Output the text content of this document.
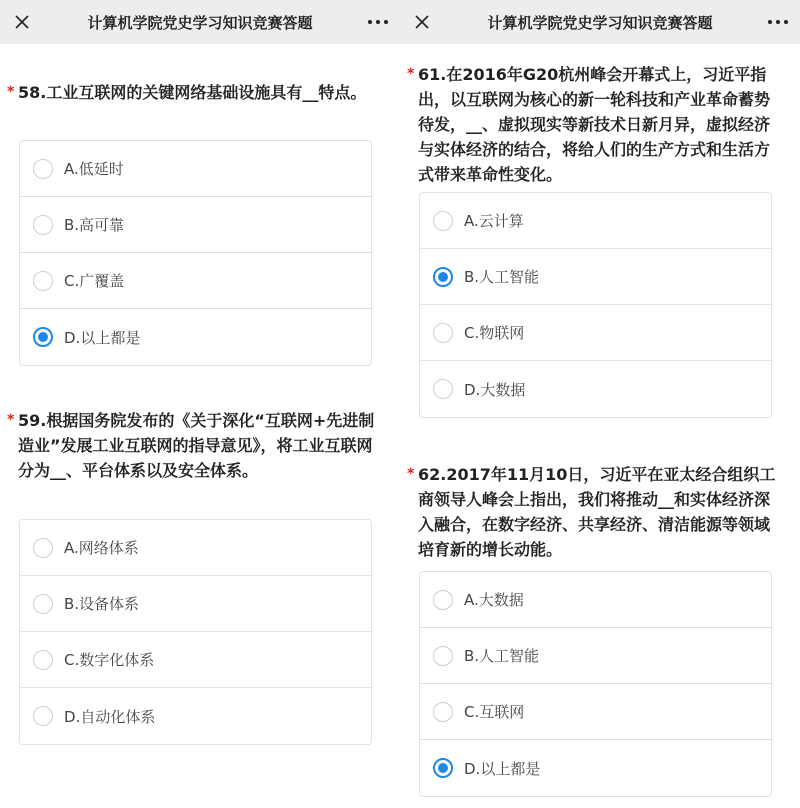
计算机学院党史学习知识竞赛答题
* 58.工业互联网的关键网络基础设施具有__特点。
A.低延时
B.高可靠
C.广覆盖
D.以上都是
* 59.根据国务院发布的《关于深化“互联网+先进制造业”发展工业互联网的指导意见》，将工业互联网分为__、平台体系以及安全体系。
A.网络体系
B.设备体系
C.数字化体系
D.自动化体系
计算机学院党史学习知识竞赛答题
* 61.在2016年G20杭州峰会开幕式上，习近平指出，以互联网为核心的新一轮科技和产业革命蓄势待发，__、虚拟现实等新技术日新月异，虚拟经济与实体经济的结合，将给人们的生产方式和生活方式带来革命性变化。
A.云计算
B.人工智能
C.物联网
D.大数据
* 62.2017年11月10日，习近平在亚太经合组织工商领导人峰会上指出，我们将推动__和实体经济深入融合，在数字经济、共享经济、清洁能源等领域培育新的增长动能。
A.大数据
B.人工智能
C.互联网
D.以上都是
